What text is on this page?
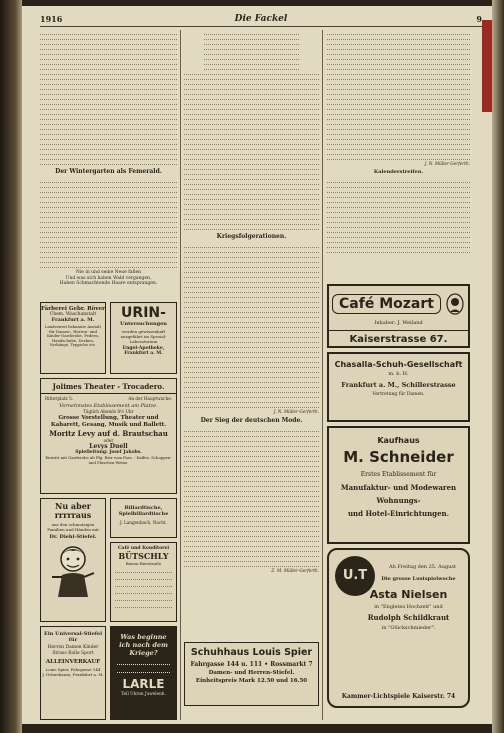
1916	Die Fackel	9
Der Wintergarten als Femerald.
Nie in und seine Neue fallen
Und was sich haben Wald vergangen,
Haben Schmachtende Haare entsprangen.
Färberei Gebr. Röver
Chem. Waschanstalt
Frankfurt a. M.
Landesweit bekannte Anstalt für Damen-, Herren- und Kinder-Garderobe, Federn, Handschuhe, Decken, Vorhänge, Teppiche etc.
URIN-
Untersuchungen
werden gewissenhaft ausgeführt im Spezial-Laboratorium
Engel-Apotheke, Frankfurt a. M.
Jolimes Theater - Trocadero.
Ritterplatz 5.	An der Hauptwache.
Vornehmstes Etablissement am Platze.
Täglich Abends 8½ Uhr
Grosse Vorstellung, Theater und Kabarett, Gesang, Musik und Ballett.
Moritz Levy auf d. Brautschau
oder
Levys Duell
Spielleitung: Josef Jakobs.
Eintritt mit Garderobe ab Pfg. Bier vom Fass. - Kaffee, Schoppen- und Flaschen-Weine.
Nu aber rrrrraus
aus den schmutzigen Familien und Händen mit
Dr. Diehl-Stiefel.
Billardtische, Spielbillardtische
J. Langenbach, Nacht.
Café und Konditorei
BÜTSCHLY
Bauen Bierstraße
Ein Universal-Stiefel für
Herren Damen Kinder
Strass Balle Sport
ALLEINVERKAUF
Louis Spier, Fahrgasse 144
J. Grünebaum, Frankfurt a. M.
Was beginne ich nach dem Kriege?
LARLE
Tell Uhren Juwelenh.
Kriegsfolgerationen.
J. N. Müller-Gerferth.
Der Sieg der deutschen Mode.
Z. M. Müller-Gerferth.
Schuhhaus Louis Spier
Fahrgasse 144 u. 111 • Rossmarkt 7
Damen- und Herren-Stiefel.
Einheitspreis Mark 12.50 und 16.50
J. N. Müller-Gerferth.
Kalenderstreifen.
Café Mozart
Inhaber: J. Weiland
Kaiserstrasse 67.
Chasalla-Schuh-Gesellschaft
m. b. H.
Frankfurt a. M., Schillerstrasse
Vertretung für Damen.
Kaufhaus
M. Schneider
Erstes Etablissement für
Manufaktur- und Modewaren
Wohnungs-
und Hotel-Einrichtungen.
U.T
Ab Freitag den 25. August
Die grosse Lustspielwoche
Asta Nielsen
in "Engleins Hochzeit" und
Rudolph Schildkraut
in "Glückschmieder".
Kammer-Lichtspiele Kaiserstr. 74
